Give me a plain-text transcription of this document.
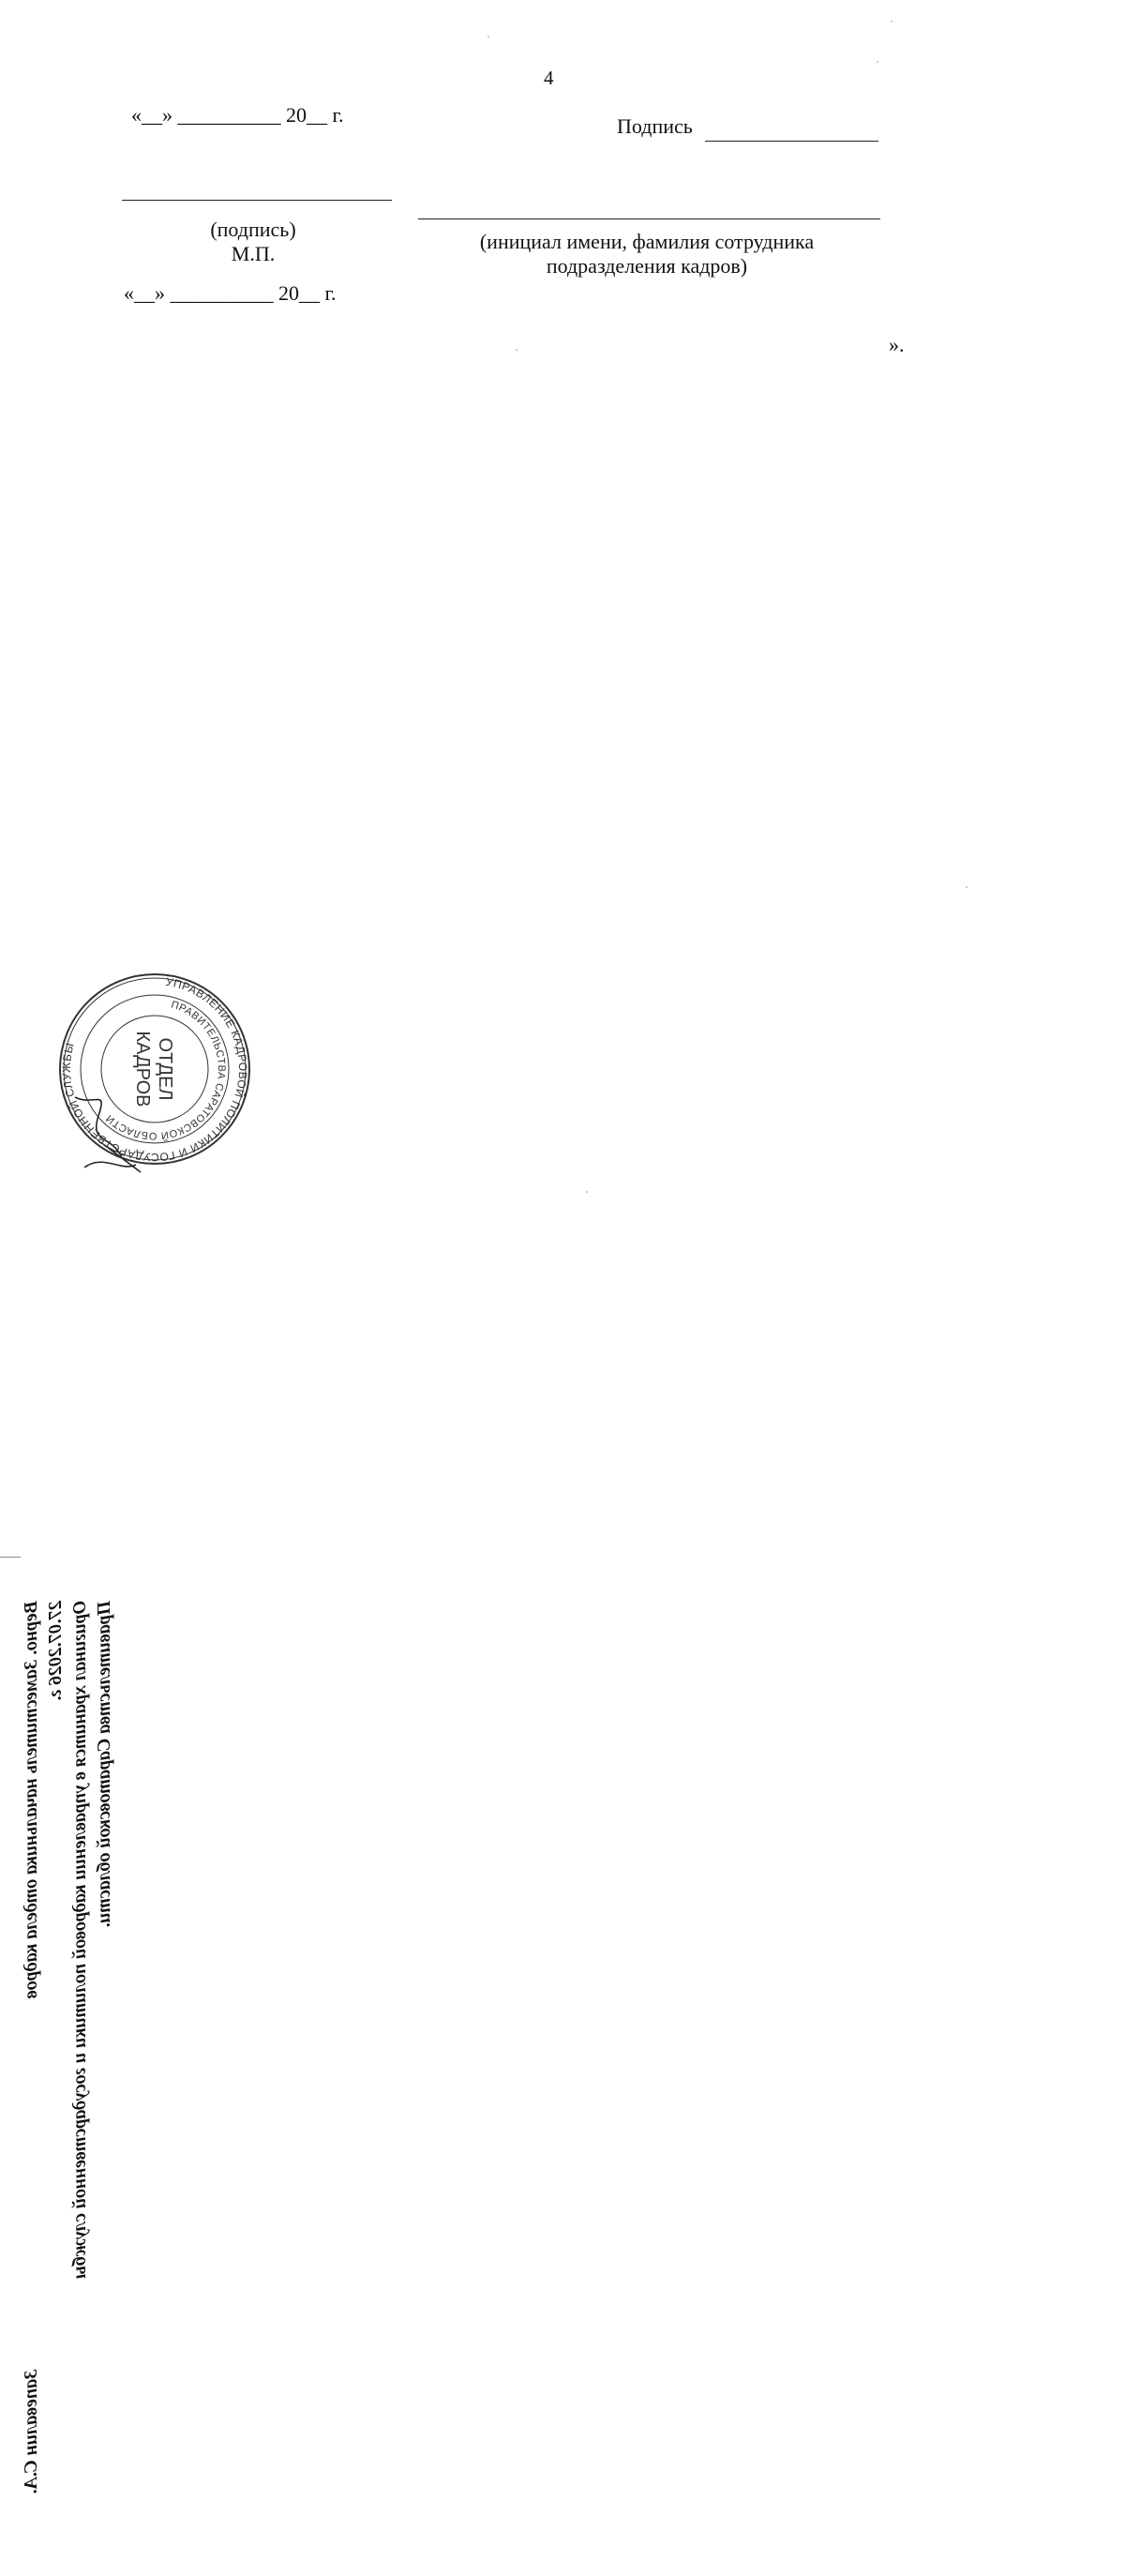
4
«__» __________ 20__ г.	Подпись
(подпись)
М.П.
(инициал имени, фамилия сотрудника
подразделения кадров)
«__» __________ 20__ г.
».
Верно. Заместитель начальника отдела кадров
Запевалин С.А.
27.07.2026 г. Оригинал хранится в управлении кадровой политики и государственной службы Правительства Саратовской области.
УПРАВЛЕНИЕ КАДРОВОЙ ПОЛИТИКИ И ГОСУДАРСТВЕННОЙ СЛУЖБЫ
ПРАВИТЕЛЬСТВА САРАТОВСКОЙ ОБЛАСТИ
ОТДЕЛ
КАДРОВ
